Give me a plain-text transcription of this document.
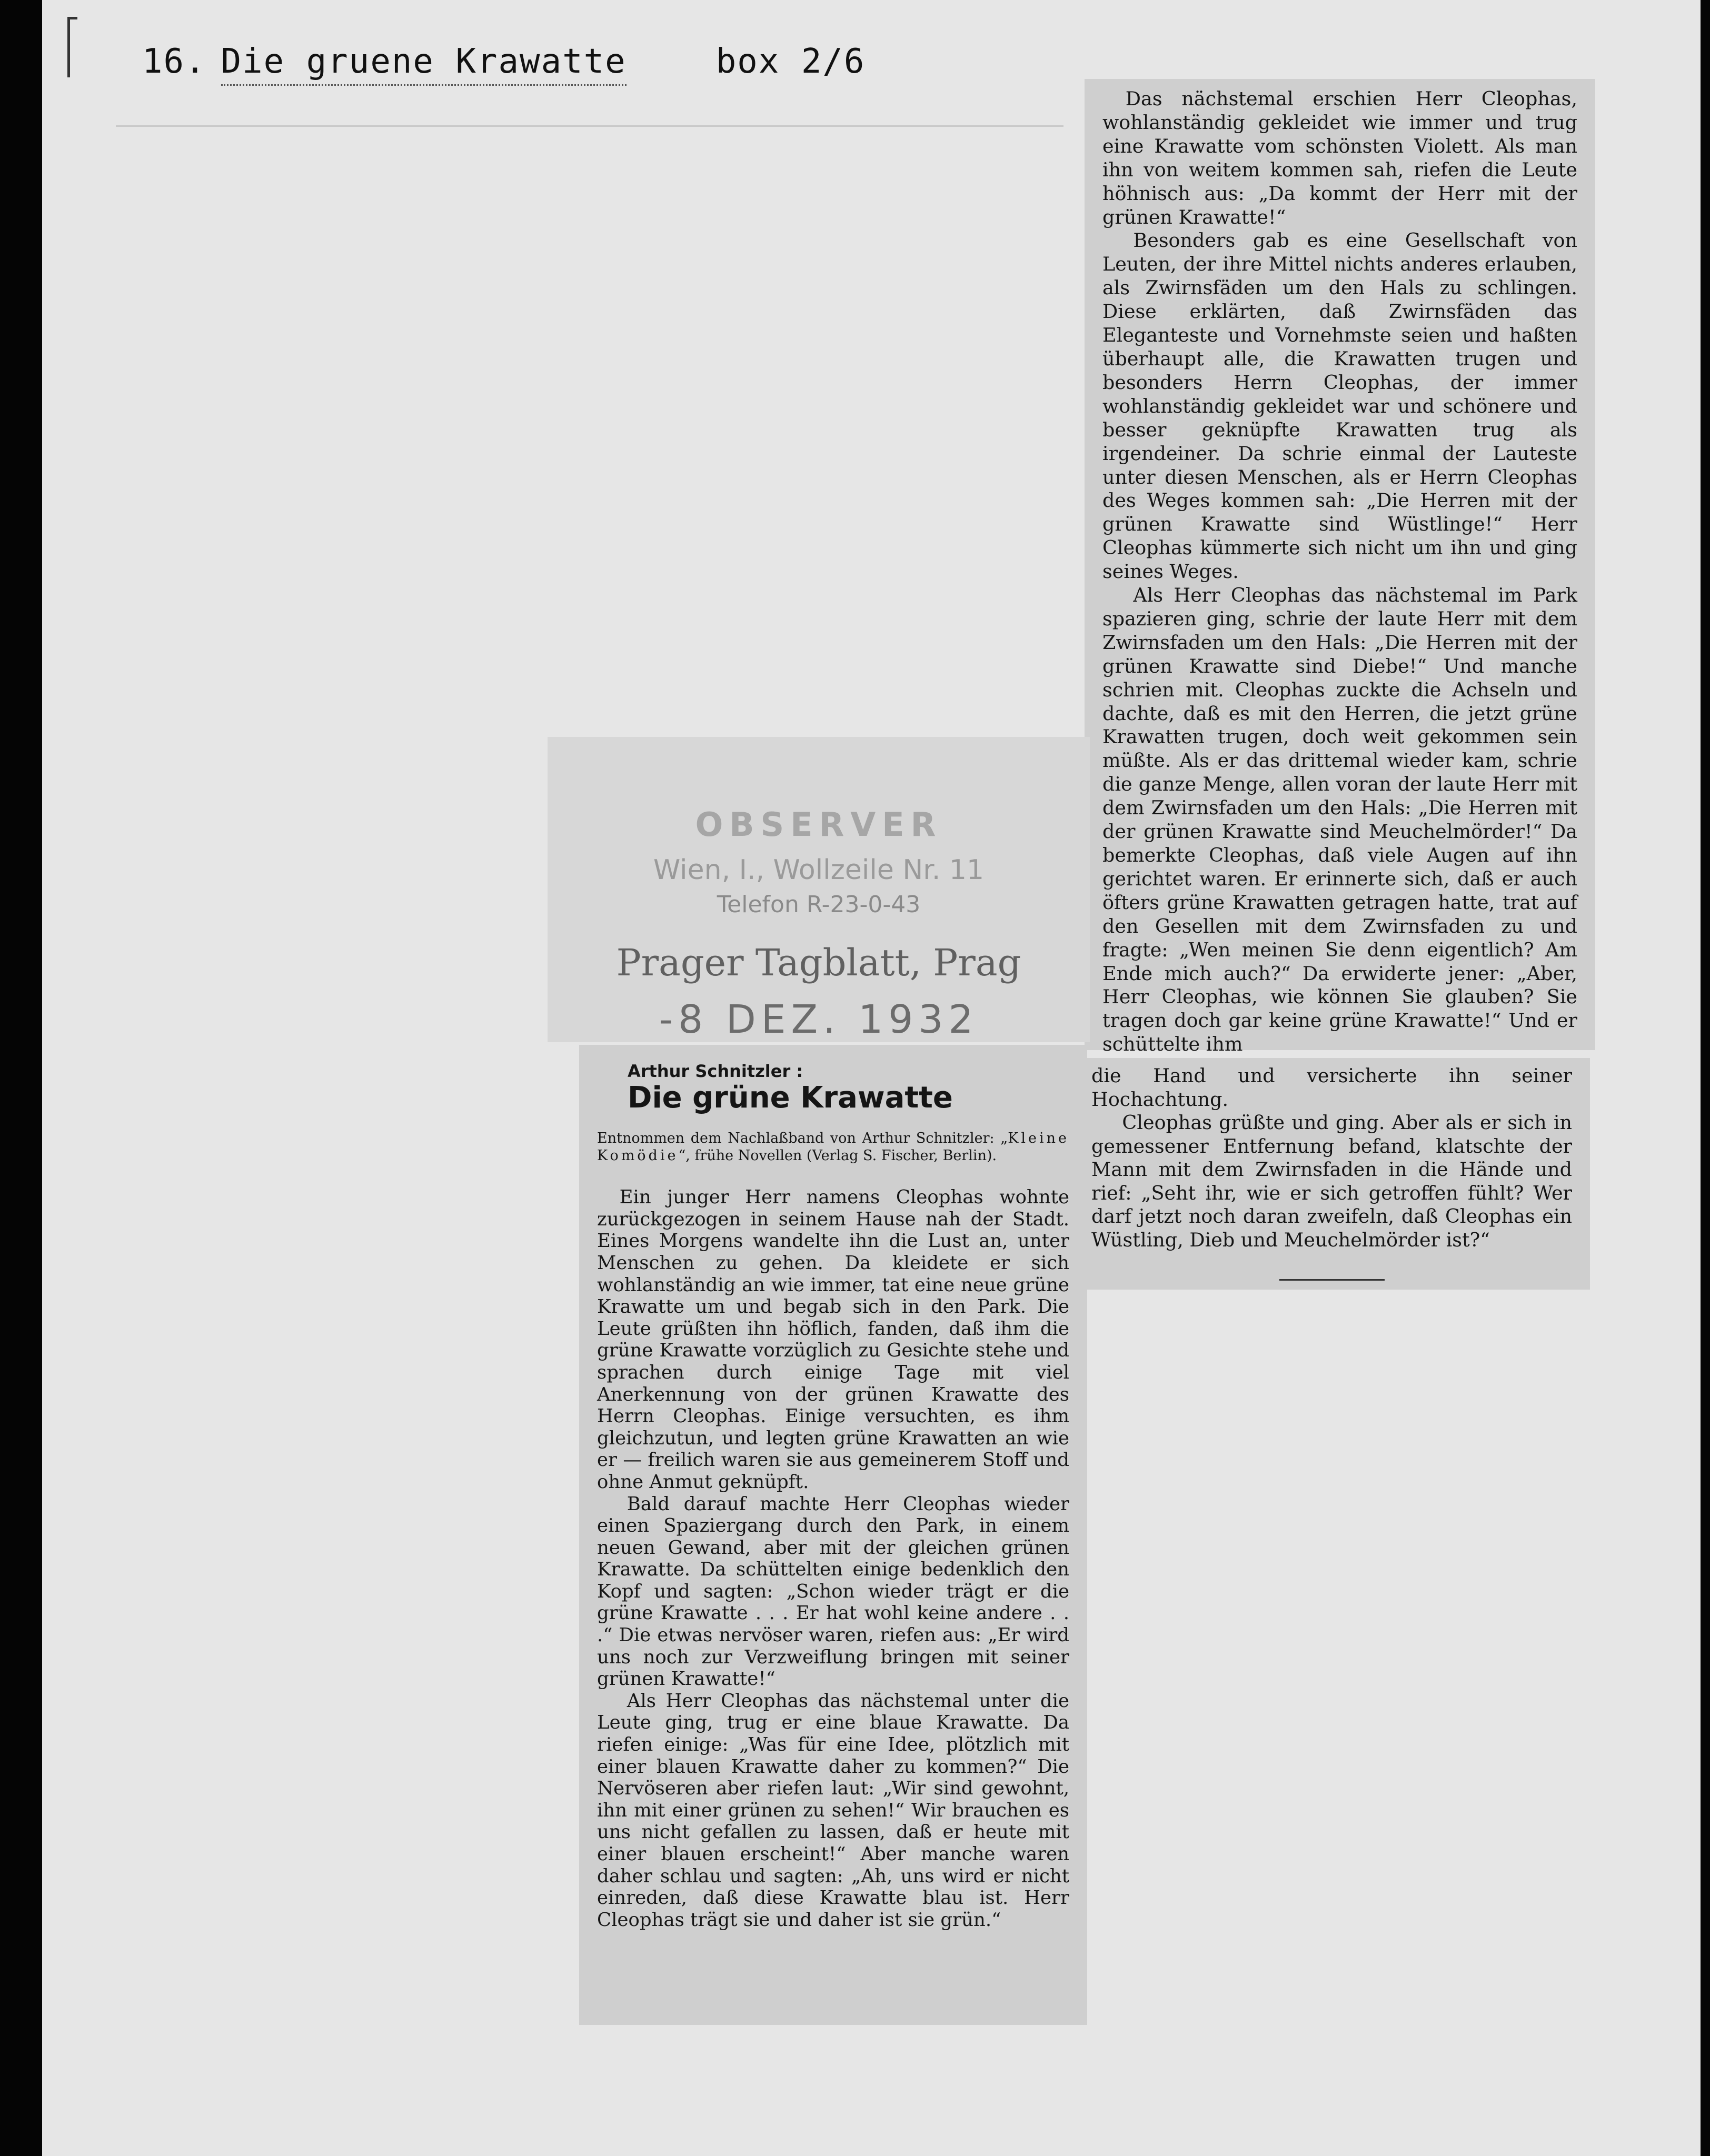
16. Die gruene Krawatte	box 2/6

Das nächstemal erschien Herr Cleophas, wohlanständig gekleidet wie immer und trug eine Krawatte vom schönsten Violett. Als man ihn von weitem kommen sah, riefen die Leute höhnisch aus: „Da kommt der Herr mit der grünen Krawatte!“

Besonders gab es eine Gesellschaft von Leuten, der ihre Mittel nichts anderes erlauben, als Zwirnsfäden um den Hals zu schlingen. Diese erklärten, daß Zwirnsfäden das Eleganteste und Vornehmste seien und haßten überhaupt alle, die Krawatten trugen und besonders Herrn Cleophas, der immer wohlanständig gekleidet war und schönere und besser geknüpfte Krawatten trug als irgendeiner. Da schrie einmal der Lauteste unter diesen Menschen, als er Herrn Cleophas des Weges kommen sah: „Die Herren mit der grünen Krawatte sind Wüstlinge!“ Herr Cleophas kümmerte sich nicht um ihn und ging seines Weges.

Als Herr Cleophas das nächstemal im Park spazieren ging, schrie der laute Herr mit dem Zwirnsfaden um den Hals: „Die Herren mit der grünen Krawatte sind Diebe!“ Und manche schrien mit. Cleophas zuckte die Achseln und dachte, daß es mit den Herren, die jetzt grüne Krawatten trugen, doch weit gekommen sein müßte. Als er das drittemal wieder kam, schrie die ganze Menge, allen voran der laute Herr mit dem Zwirnsfaden um den Hals: „Die Herren mit der grünen Krawatte sind Meuchelmörder!“ Da bemerkte Cleophas, daß viele Augen auf ihn gerichtet waren. Er erinnerte sich, daß er auch öfters grüne Krawatten getragen hatte, trat auf den Gesellen mit dem Zwirnsfaden zu und fragte: „Wen meinen Sie denn eigentlich? Am Ende mich auch?“ Da erwiderte jener: „Aber, Herr Cleophas, wie können Sie glauben? Sie tragen doch gar keine grüne Krawatte!“ Und er schüttelte ihm

OBSERVER
Wien, I., Wollzeile Nr. 11
Telefon R-23-0-43
Prager Tagblatt, Prag
-8 DEZ. 1932
Arthur Schnitzler :
Die grüne Krawatte
Entnommen dem Nachlaßband von Arthur Schnitzler: „Kleine Komödie“, frühe Novellen (Verlag S. Fischer, Berlin).

Ein junger Herr namens Cleophas wohnte zurückgezogen in seinem Hause nah der Stadt. Eines Morgens wandelte ihn die Lust an, unter Menschen zu gehen. Da kleidete er sich wohlanständig an wie immer, tat eine neue grüne Krawatte um und begab sich in den Park. Die Leute grüßten ihn höflich, fanden, daß ihm die grüne Krawatte vorzüglich zu Gesichte stehe und sprachen durch einige Tage mit viel Anerkennung von der grünen Krawatte des Herrn Cleophas. Einige versuchten, es ihm gleichzutun, und legten grüne Krawatten an wie er — freilich waren sie aus gemeinerem Stoff und ohne Anmut geknüpft.

Bald darauf machte Herr Cleophas wieder einen Spaziergang durch den Park, in einem neuen Gewand, aber mit der gleichen grünen Krawatte. Da schüttelten einige bedenklich den Kopf und sagten: „Schon wieder trägt er die grüne Krawatte . . . Er hat wohl keine andere . . .“ Die etwas nervöser waren, riefen aus: „Er wird uns noch zur Verzweiflung bringen mit seiner grünen Krawatte!“

Als Herr Cleophas das nächstemal unter die Leute ging, trug er eine blaue Krawatte. Da riefen einige: „Was für eine Idee, plötzlich mit einer blauen Krawatte daher zu kommen?“ Die Nervöseren aber riefen laut: „Wir sind gewohnt, ihn mit einer grünen zu sehen!“ Wir brauchen es uns nicht gefallen zu lassen, daß er heute mit einer blauen erscheint!“ Aber manche waren daher schlau und sagten: „Ah, uns wird er nicht einreden, daß diese Krawatte blau ist. Herr Cleophas trägt sie und daher ist sie grün.“

die Hand und versicherte ihn seiner Hochachtung.

Cleophas grüßte und ging. Aber als er sich in gemessener Entfernung befand, klatschte der Mann mit dem Zwirnsfaden in die Hände und rief: „Seht ihr, wie er sich getroffen fühlt? Wer darf jetzt noch daran zweifeln, daß Cleophas ein Wüstling, Dieb und Meuchelmörder ist?“
